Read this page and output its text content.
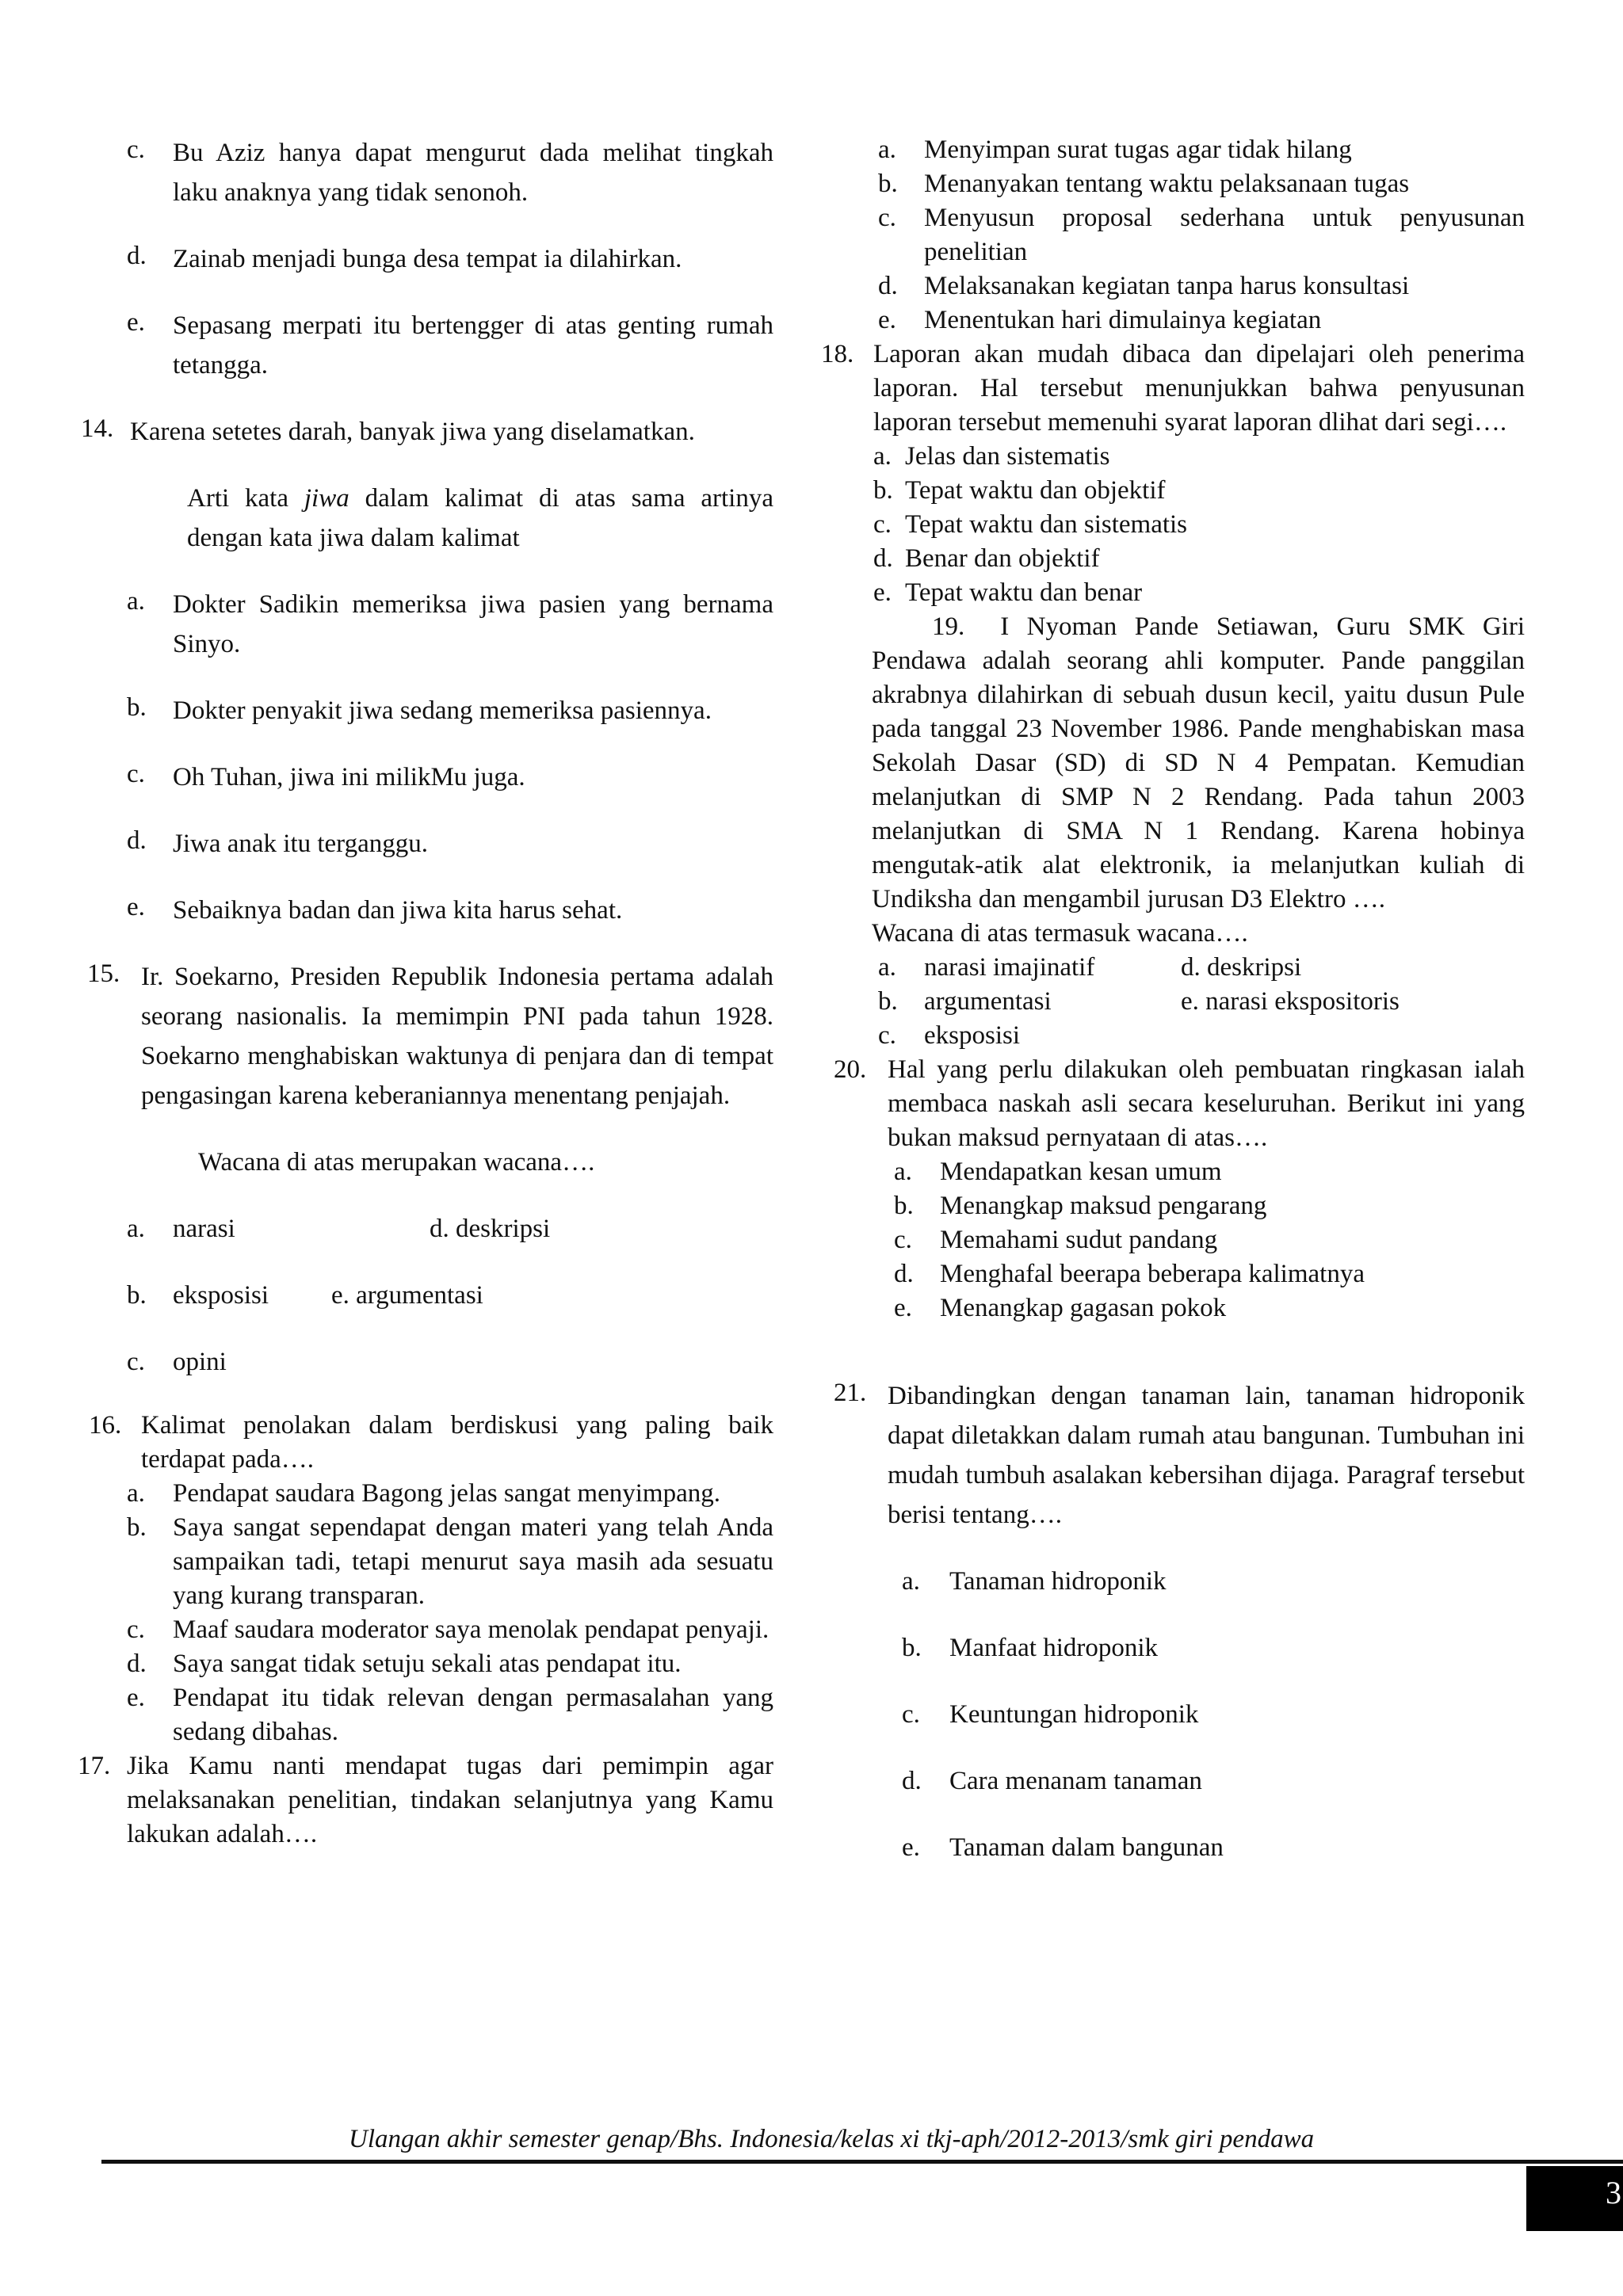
c.	Bu Aziz hanya dapat mengurut dada melihat tingkah laku anaknya yang tidak senonoh.
d.	Zainab menjadi bunga desa tempat ia dilahirkan.
e.	Sepasang merpati itu bertengger di atas genting rumah tetangga.
14. Karena setetes darah, banyak jiwa yang diselamatkan.
Arti kata jiwa dalam kalimat di atas sama artinya dengan kata jiwa dalam kalimat
a.	Dokter Sadikin memeriksa jiwa pasien yang bernama Sinyo.
b.	Dokter penyakit jiwa sedang memeriksa pasiennya.
c.	Oh Tuhan, jiwa ini milikMu juga.
d.	Jiwa anak itu terganggu.
e.	Sebaiknya badan dan jiwa kita harus sehat.
15. Ir. Soekarno, Presiden Republik Indonesia pertama adalah seorang nasionalis. Ia memimpin PNI pada tahun 1928. Soekarno menghabiskan waktunya di penjara dan di tempat pengasingan karena keberaniannya menentang penjajah.
Wacana di atas merupakan wacana….
a.	narasi	d. deskripsi
b.	eksposisi	e. argumentasi
c.	opini
16. Kalimat penolakan dalam berdiskusi yang paling baik terdapat pada….
a.	Pendapat saudara Bagong jelas sangat menyimpang.
b.	Saya sangat sependapat dengan materi yang telah Anda sampaikan tadi, tetapi menurut saya masih ada sesuatu yang kurang transparan.
c.	Maaf saudara moderator saya menolak pendapat penyaji.
d.	Saya sangat tidak setuju sekali atas pendapat itu.
e.	Pendapat itu tidak relevan dengan permasalahan yang sedang dibahas.
17. Jika Kamu nanti mendapat tugas dari pemimpin agar melaksanakan penelitian, tindakan selanjutnya yang Kamu lakukan adalah….
a.	Menyimpan surat tugas agar tidak hilang
b.	Menanyakan tentang waktu pelaksanaan tugas
c.	Menyusun proposal sederhana untuk penyusunan penelitian
d.	Melaksanakan kegiatan tanpa harus konsultasi
e.	Menentukan hari dimulainya kegiatan
18. Laporan akan mudah dibaca dan dipelajari oleh penerima laporan. Hal tersebut menunjukkan bahwa penyusunan laporan tersebut memenuhi syarat laporan dlihat dari segi….
a. Jelas dan sistematis
b. Tepat waktu dan objektif
c. Tepat waktu dan sistematis
d. Benar dan objektif
e. Tepat waktu dan benar
19. I Nyoman Pande Setiawan, Guru SMK Giri Pendawa adalah seorang ahli komputer. Pande panggilan akrabnya dilahirkan di sebuah dusun kecil, yaitu dusun Pule pada tanggal 23 November 1986. Pande menghabiskan masa Sekolah Dasar (SD) di SD N 4 Pempatan. Kemudian melanjutkan di SMP N 2 Rendang. Pada tahun 2003 melanjutkan di SMA N 1 Rendang. Karena hobinya mengutak-atik alat elektronik, ia melanjutkan kuliah di Undiksha dan mengambil jurusan D3 Elektro ….
Wacana di atas termasuk wacana….
a.	narasi imajinatif	d. deskripsi
b.	argumentasi	e. narasi ekspositoris
c.	eksposisi
20. Hal yang perlu dilakukan oleh pembuatan ringkasan ialah membaca naskah asli secara keseluruhan. Berikut ini yang bukan maksud pernyataan di atas….
a.	Mendapatkan kesan umum
b.	Menangkap maksud pengarang
c.	Memahami sudut pandang
d.	Menghafal beerapa beberapa kalimatnya
e.	Menangkap gagasan pokok
21. Dibandingkan dengan tanaman lain, tanaman hidroponik dapat diletakkan dalam rumah atau bangunan. Tumbuhan ini mudah tumbuh asalakan kebersihan dijaga. Paragraf tersebut berisi tentang….
a.	Tanaman hidroponik
b.	Manfaat hidroponik
c.	Keuntungan hidroponik
d.	Cara menanam tanaman
e.	Tanaman dalam bangunan
Ulangan akhir semester genap/Bhs. Indonesia/kelas xi tkj-aph/2012-2013/smk giri pendawa
3
